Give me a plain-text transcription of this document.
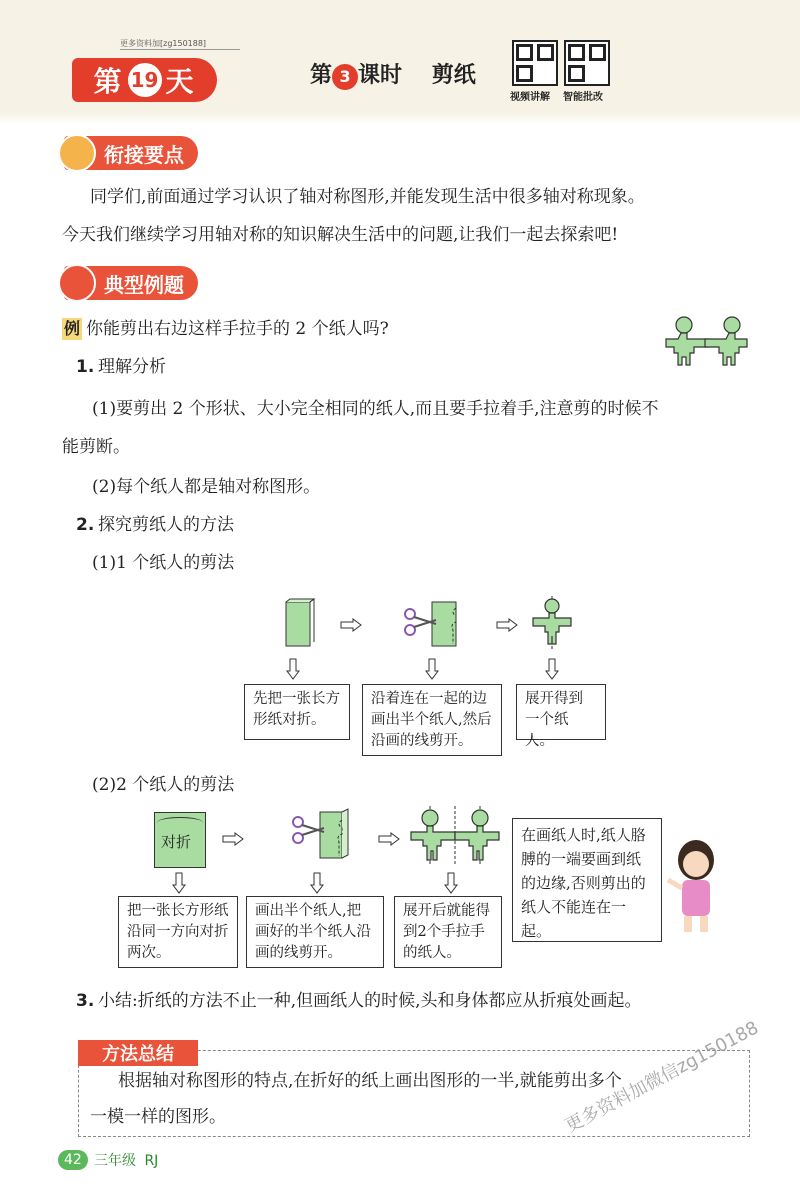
更多资料加[zg150188]
第 19 天	第 3 课时 剪纸
视频讲解 智能批改
衔接要点
同学们,前面通过学习认识了轴对称图形,并能发现生活中很多轴对称现象。
今天我们继续学习用轴对称的知识解决生活中的问题,让我们一起去探索吧!
典型例题
例 你能剪出右边这样手拉手的 2 个纸人吗?
1. 理解分析
(1)要剪出 2 个形状、大小完全相同的纸人,而且要手拉着手,注意剪的时候不
能剪断。
(2)每个纸人都是轴对称图形。
2. 探究剪纸人的方法
(1)1 个纸人的剪法
先把一张长方形纸对折。
沿着连在一起的边画出半个纸人,然后沿画的线剪开。
展开得到一个纸人。
(2)2 个纸人的剪法
对折
把一张长方形纸沿同一方向对折两次。
画出半个纸人,把画好的半个纸人沿画的线剪开。
展开后就能得到2个手拉手的纸人。
在画纸人时,纸人胳膊的一端要画到纸的边缘,否则剪出的纸人不能连在一起。
3. 小结:折纸的方法不止一种,但画纸人的时候,头和身体都应从折痕处画起。
方法总结
根据轴对称图形的特点,在折好的纸上画出图形的一半,就能剪出多个
一模一样的图形。
42 三年级 RJ
更多资料加微信zg150188
